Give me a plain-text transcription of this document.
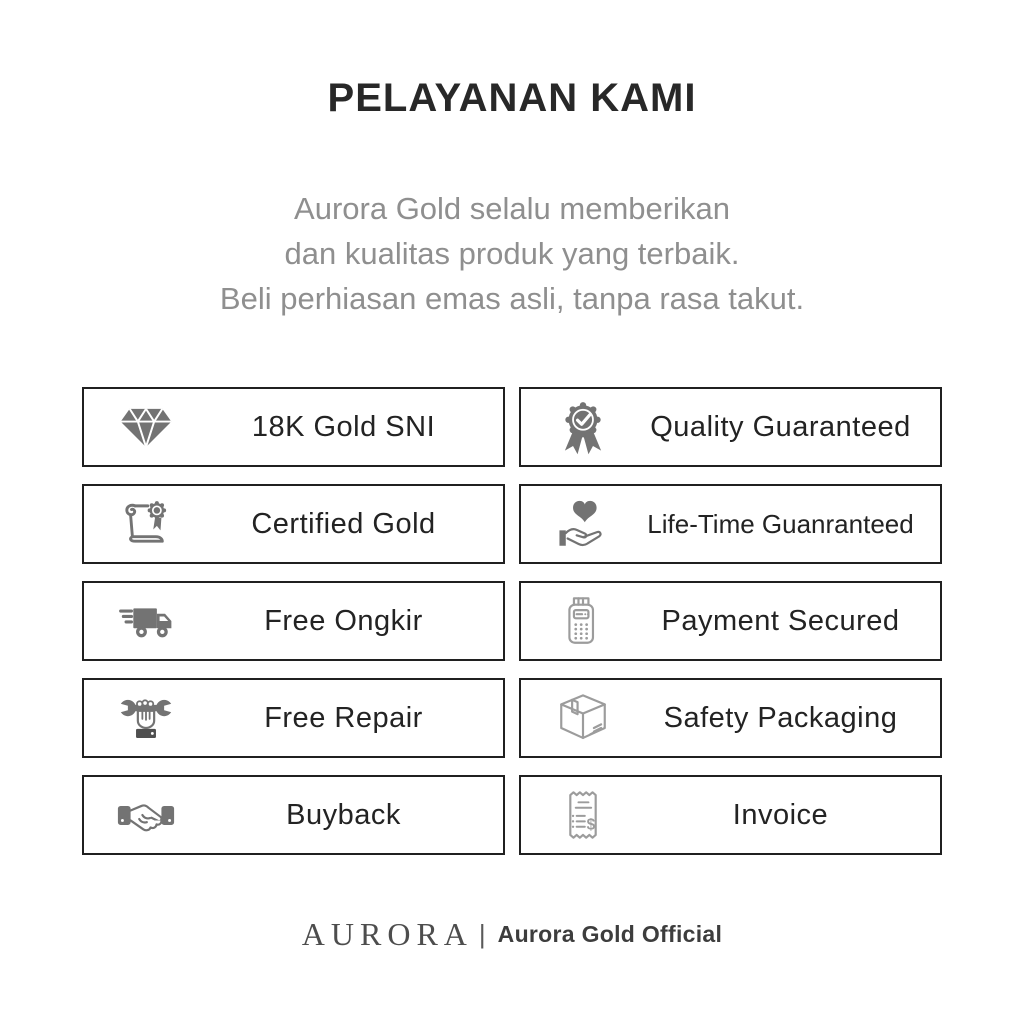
PELAYANAN KAMI

Aurora Gold selalu memberikan
dan kualitas produk yang terbaik.
Beli perhiasan emas asli, tanpa rasa takut.

18K Gold SNI	Quality Guaranteed
Certified Gold	Life-Time Guanranteed
Free Ongkir	Payment Secured
Free Repair	Safety Packaging
Buyback	$	Invoice
AURORA | Aurora Gold Official
